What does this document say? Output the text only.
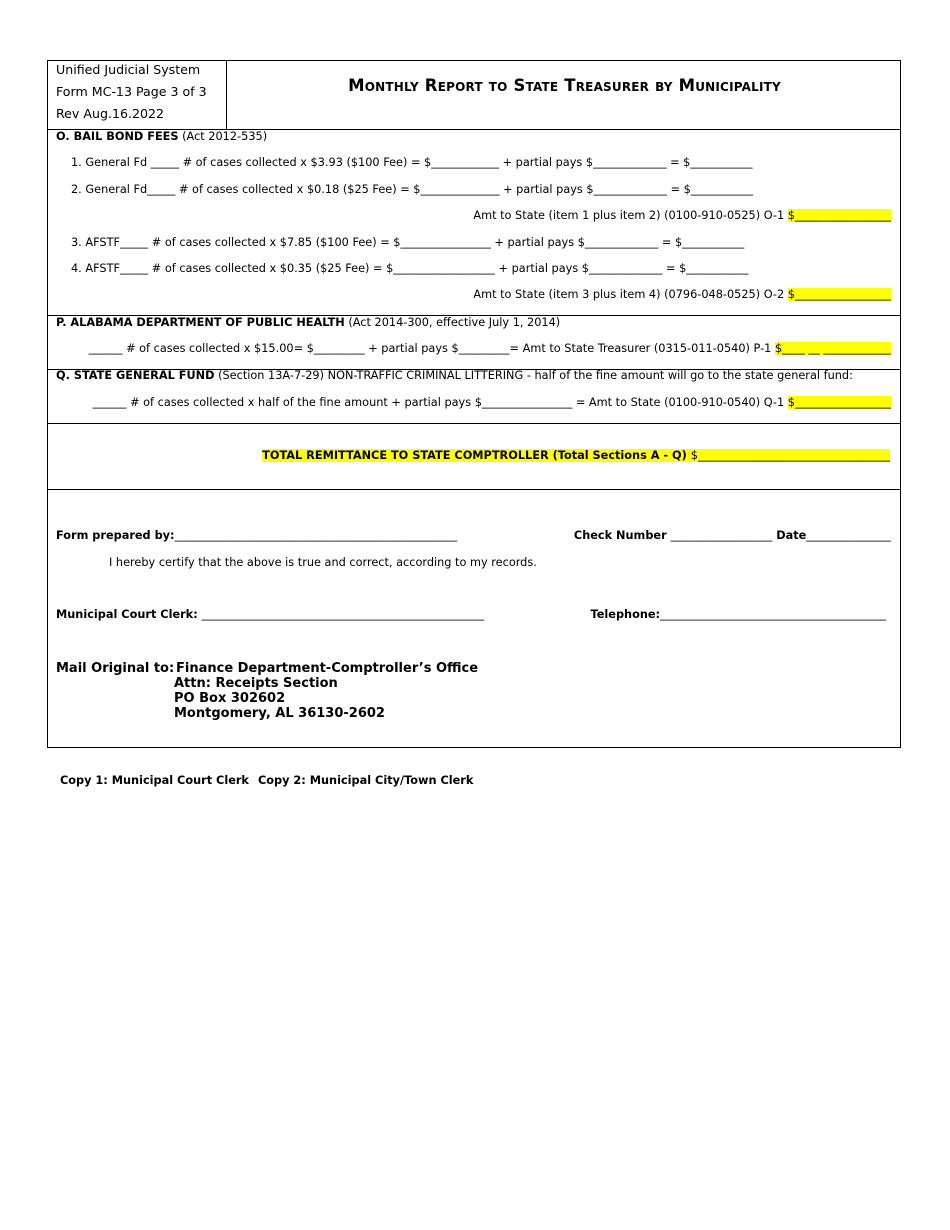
Unified Judicial System
Form MC-13 Page 3 of 3
Rev Aug.16.2022
Monthly Report to State Treasurer by Municipality
O. BAIL BOND FEES (Act 2012-535)
1. General Fd _____ # of cases collected x $3.93 ($100 Fee) = $____________ + partial pays $_____________ = $___________
2. General Fd_____ # of cases collected x $0.18 ($25 Fee) = $______________ + partial pays $_____________ = $___________
Amt to State (item 1 plus item 2) (0100-910-0525) O-1 $_________________
3. AFSTF_____ # of cases collected x $7.85 ($100 Fee) = $________________ + partial pays $_____________ = $___________
4. AFSTF_____ # of cases collected x $0.35 ($25 Fee) = $__________________ + partial pays $_____________ = $___________
Amt to State (item 3 plus item 4) (0796-048-0525) O-2 $_________________
P. ALABAMA DEPARTMENT OF PUBLIC HEALTH (Act 2014-300, effective July 1, 2014)
______ # of cases collected x $15.00= $_________ + partial pays $_________= Amt to State Treasurer (0315-011-0540) P-1 $____ __ ____________
Q. STATE GENERAL FUND (Section 13A-7-29) NON-TRAFFIC CRIMINAL LITTERING - half of the fine amount will go to the state general fund:
______ # of cases collected x half of the fine amount + partial pays $________________ = Amt to State (0100-910-0540) Q-1 $_________________
TOTAL REMITTANCE TO STATE COMPTROLLER (Total Sections A - Q) $__________________________________
Form prepared by:__________________________________________________	Check Number __________________ Date_______________
I hereby certify that the above is true and correct, according to my records.
Municipal Court Clerk: __________________________________________________	Telephone:________________________________________
Mail Original to: Finance Department-Comptroller’s Office
Attn: Receipts Section
PO Box 302602
Montgomery, AL 36130-2602
Copy 1: Municipal Court Clerk Copy 2: Municipal City/Town Clerk
